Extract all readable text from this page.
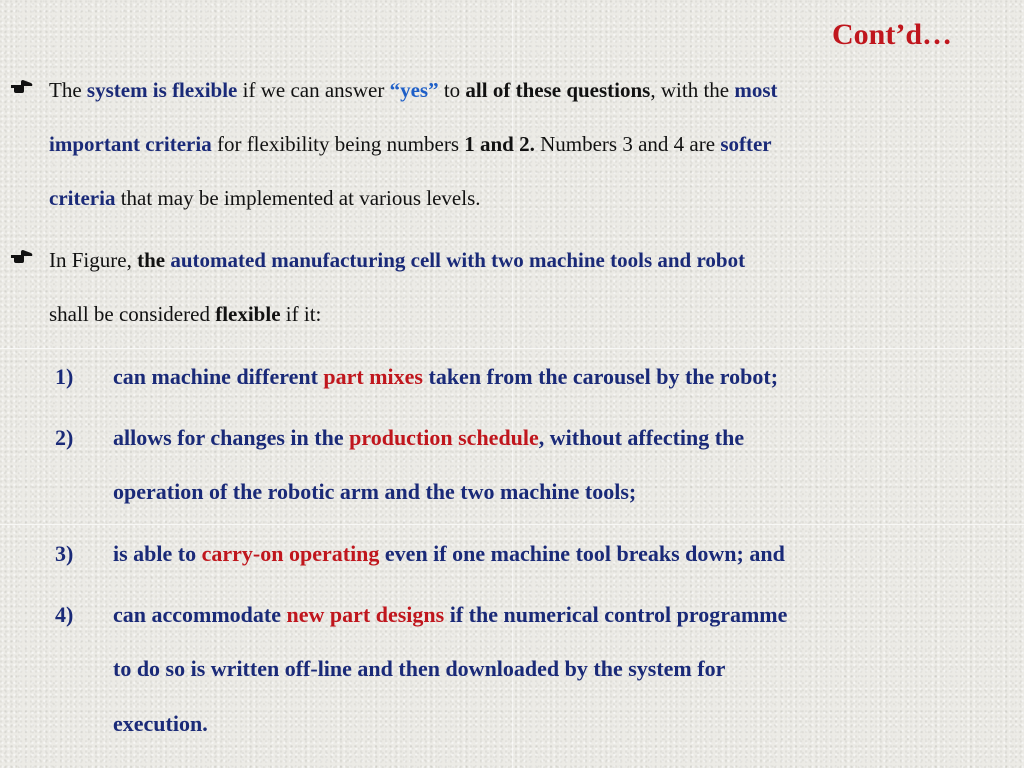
Cont’d…
The system is flexible if we can answer “yes” to all of these questions, with the most
important criteria for flexibility being numbers 1 and 2. Numbers 3 and 4 are softer
criteria that may be implemented at various levels.
In Figure, the automated manufacturing cell with two machine tools and robot
shall be considered flexible if it:
1) can machine different part mixes taken from the carousel by the robot;
2) allows for changes in the production schedule, without affecting the
operation of the robotic arm and the two machine tools;
3) is able to carry-on operating even if one machine tool breaks down; and
4) can accommodate new part designs if the numerical control programme
to do so is written off-line and then downloaded by the system for
execution.
